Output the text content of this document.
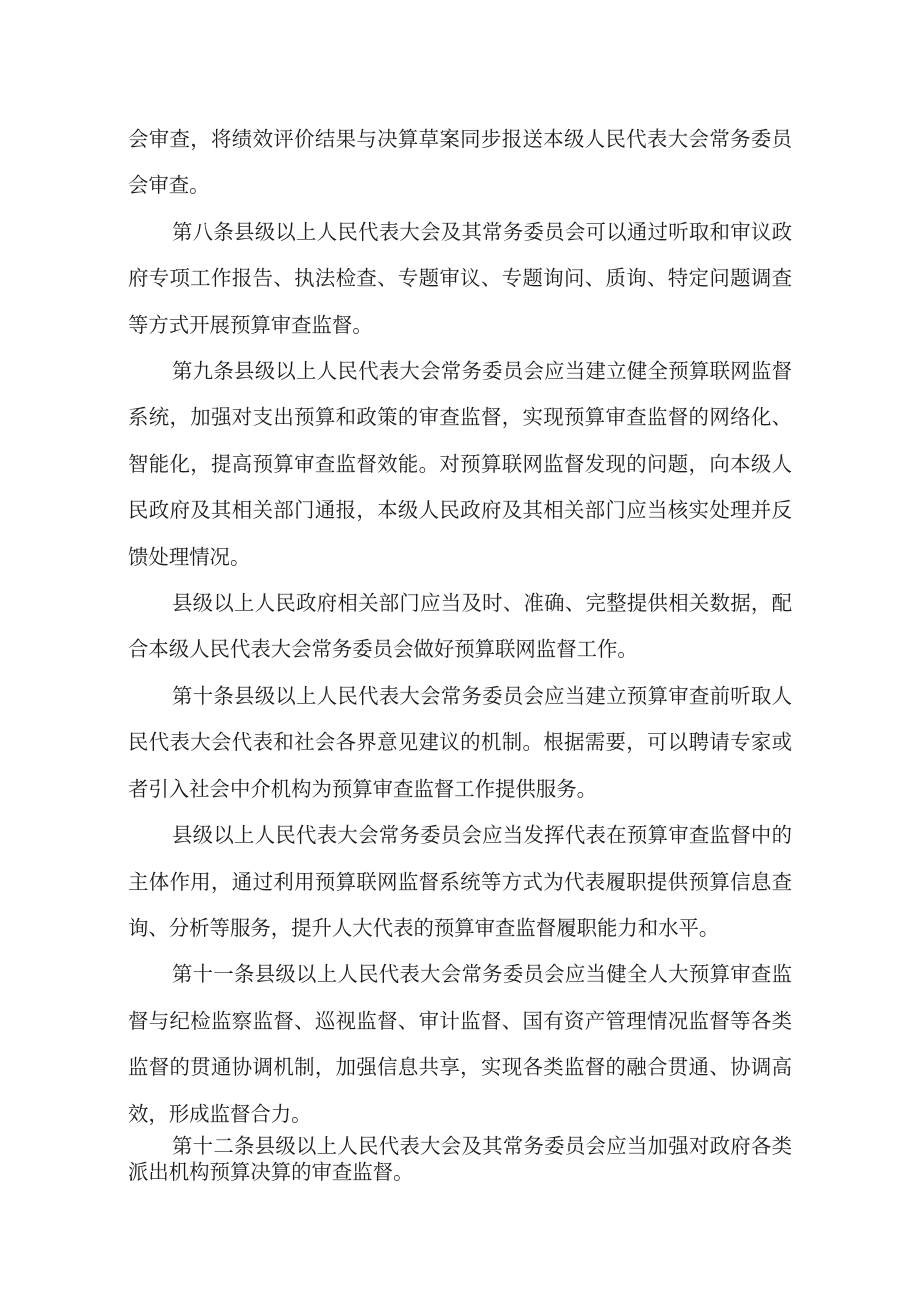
会审查，将绩效评价结果与决算草案同步报送本级人民代表大会常务委员会审查。

第八条县级以上人民代表大会及其常务委员会可以通过听取和审议政府专项工作报告、执法检查、专题审议、专题询问、质询、特定问题调查等方式开展预算审查监督。

第九条县级以上人民代表大会常务委员会应当建立健全预算联网监督系统，加强对支出预算和政策的审查监督，实现预算审查监督的网络化、智能化，提高预算审查监督效能。对预算联网监督发现的问题，向本级人民政府及其相关部门通报，本级人民政府及其相关部门应当核实处理并反馈处理情况。

县级以上人民政府相关部门应当及时、准确、完整提供相关数据，配合本级人民代表大会常务委员会做好预算联网监督工作。

第十条县级以上人民代表大会常务委员会应当建立预算审查前听取人民代表大会代表和社会各界意见建议的机制。根据需要，可以聘请专家或者引入社会中介机构为预算审查监督工作提供服务。

县级以上人民代表大会常务委员会应当发挥代表在预算审查监督中的主体作用，通过利用预算联网监督系统等方式为代表履职提供预算信息查询、分析等服务，提升人大代表的预算审查监督履职能力和水平。

第十一条县级以上人民代表大会常务委员会应当健全人大预算审查监督与纪检监察监督、巡视监督、审计监督、国有资产管理情况监督等各类监督的贯通协调机制，加强信息共享，实现各类监督的融合贯通、协调高效，形成监督合力。

第十二条县级以上人民代表大会及其常务委员会应当加强对政府各类派出机构预算决算的审查监督。
